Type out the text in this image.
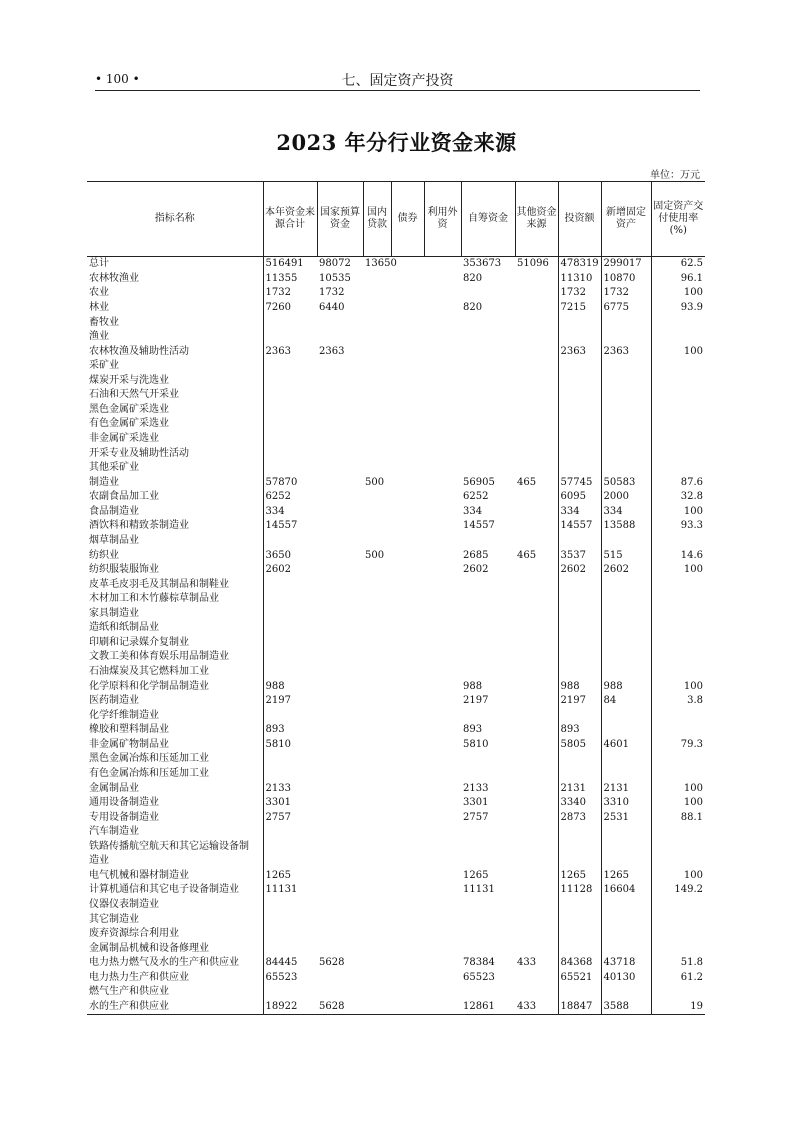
• 100 •	七、固定资产投资
2023 年分行业资金来源
单位：万元
指标名称	本年资金来源合计	国家预算资金	国内贷款	债券	利用外资	自筹资金	其他资金来源	投资额	新增固定资产	固定资产交付使用率 (%)
总计	516491	98072	13650			353673	51096	478319	299017	62.5
农林牧渔业	11355	10535				820		11310	10870	96.1
农业	1732	1732						1732	1732	100
林业	7260	6440				820		7215	6775	93.9
畜牧业										
渔业										
农林牧渔及辅助性活动	2363	2363						2363	2363	100
采矿业										
煤炭开采与洗选业										
石油和天然气开采业										
黑色金属矿采选业										
有色金属矿采选业										
非金属矿采选业										
开采专业及辅助性活动										
其他采矿业										
制造业	57870		500			56905	465	57745	50583	87.6
农副食品加工业	6252					6252		6095	2000	32.8
食品制造业	334					334		334	334	100
酒饮料和精致茶制造业	14557					14557		14557	13588	93.3
烟草制品业										
纺织业	3650		500			2685	465	3537	515	14.6
纺织服装服饰业	2602					2602		2602	2602	100
皮革毛皮羽毛及其制品和制鞋业										
木材加工和木竹藤棕草制品业										
家具制造业										
造纸和纸制品业										
印刷和记录媒介复制业										
文教工美和体育娱乐用品制造业										
石油煤炭及其它燃料加工业										
化学原料和化学制品制造业	988					988		988	988	100
医药制造业	2197					2197		2197	84	3.8
化学纤维制造业										
橡胶和塑料制品业	893					893		893		
非金属矿物制品业	5810					5810		5805	4601	79.3
黑色金属冶炼和压延加工业										
有色金属冶炼和压延加工业										
金属制品业	2133					2133		2131	2131	100
通用设备制造业	3301					3301		3340	3310	100
专用设备制造业	2757					2757		2873	2531	88.1
汽车制造业										
铁路传播航空航天和其它运输设备制										
造业										
电气机械和器材制造业	1265					1265		1265	1265	100
计算机通信和其它电子设备制造业	11131					11131		11128	16604	149.2
仪器仪表制造业										
其它制造业										
废弃资源综合利用业										
金属制品机械和设备修理业										
电力热力燃气及水的生产和供应业	84445	5628				78384	433	84368	43718	51.8
电力热力生产和供应业	65523					65523		65521	40130	61.2
燃气生产和供应业										
水的生产和供应业	18922	5628				12861	433	18847	3588	19
